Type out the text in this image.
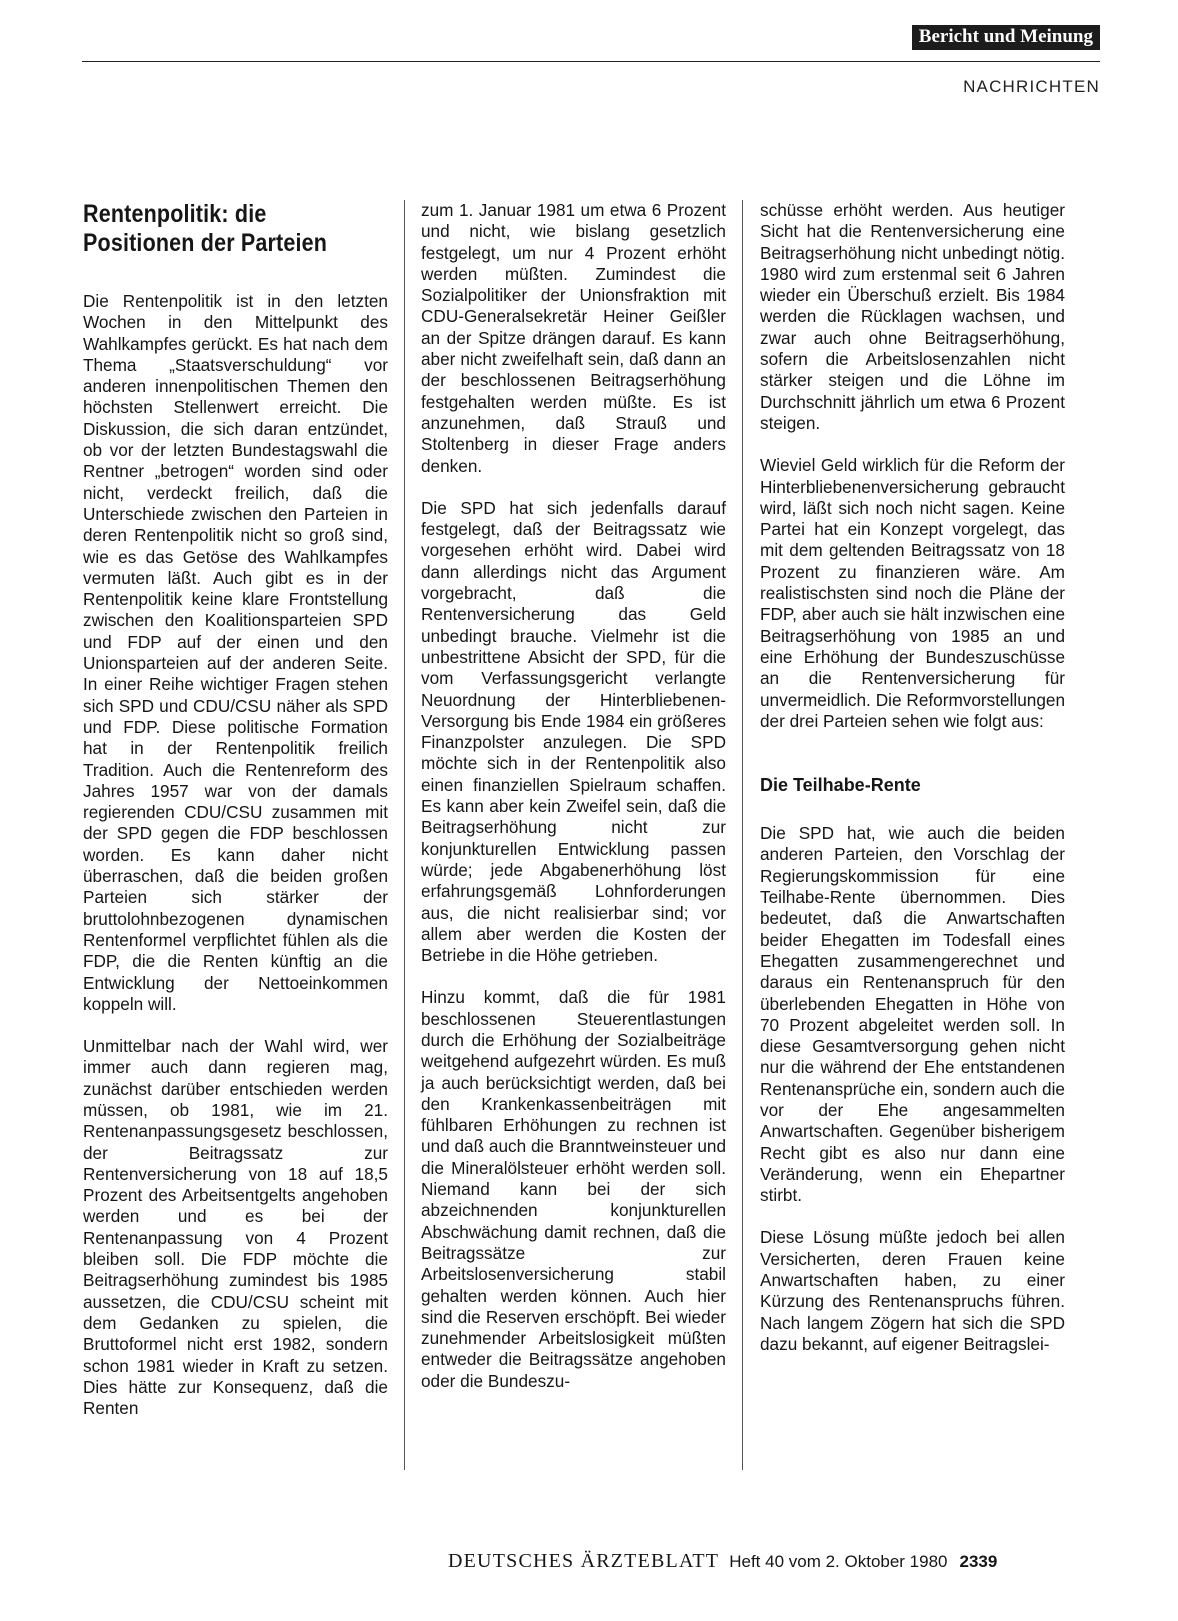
Bericht und Meinung
NACHRICHTEN
Rentenpolitik: die Positionen der Parteien

Die Rentenpolitik ist in den letzten Wochen in den Mittelpunkt des Wahlkampfes gerückt. Es hat nach dem Thema „Staatsverschuldung“ vor anderen innenpolitischen Themen den höchsten Stellenwert erreicht. Die Diskussion, die sich daran entzündet, ob vor der letzten Bundestagswahl die Rentner „betrogen“ worden sind oder nicht, verdeckt freilich, daß die Unterschiede zwischen den Parteien in deren Rentenpolitik nicht so groß sind, wie es das Getöse des Wahlkampfes vermuten läßt. Auch gibt es in der Rentenpolitik keine klare Frontstellung zwischen den Koalitionsparteien SPD und FDP auf der einen und den Unionsparteien auf der anderen Seite. In einer Reihe wichtiger Fragen stehen sich SPD und CDU/CSU näher als SPD und FDP. Diese politische Formation hat in der Rentenpolitik freilich Tradition. Auch die Rentenreform des Jahres 1957 war von der damals regierenden CDU/CSU zusammen mit der SPD gegen die FDP beschlossen worden. Es kann daher nicht überraschen, daß die beiden großen Parteien sich stärker der bruttolohnbezogenen dynamischen Rentenformel verpflichtet fühlen als die FDP, die die Renten künftig an die Entwicklung der Nettoeinkommen koppeln will.

Unmittelbar nach der Wahl wird, wer immer auch dann regieren mag, zunächst darüber entschieden werden müssen, ob 1981, wie im 21. Rentenanpassungsgesetz beschlossen, der Beitragssatz zur Rentenversicherung von 18 auf 18,5 Prozent des Arbeitsentgelts angehoben werden und es bei der Rentenanpassung von 4 Prozent bleiben soll. Die FDP möchte die Beitragserhöhung zumindest bis 1985 aussetzen, die CDU/CSU scheint mit dem Gedanken zu spielen, die Bruttoformel nicht erst 1982, sondern schon 1981 wieder in Kraft zu setzen. Dies hätte zur Konsequenz, daß die Renten

zum 1. Januar 1981 um etwa 6 Prozent und nicht, wie bislang gesetzlich festgelegt, um nur 4 Prozent erhöht werden müßten. Zumindest die Sozialpolitiker der Unionsfraktion mit CDU-Generalsekretär Heiner Geißler an der Spitze drängen darauf. Es kann aber nicht zweifelhaft sein, daß dann an der beschlossenen Beitragserhöhung festgehalten werden müßte. Es ist anzunehmen, daß Strauß und Stoltenberg in dieser Frage anders denken.

Die SPD hat sich jedenfalls darauf festgelegt, daß der Beitragssatz wie vorgesehen erhöht wird. Dabei wird dann allerdings nicht das Argument vorgebracht, daß die Rentenversicherung das Geld unbedingt brauche. Vielmehr ist die unbestrittene Absicht der SPD, für die vom Verfassungsgericht verlangte Neuordnung der Hinterbliebenen-Versorgung bis Ende 1984 ein größeres Finanzpolster anzulegen. Die SPD möchte sich in der Rentenpolitik also einen finanziellen Spielraum schaffen. Es kann aber kein Zweifel sein, daß die Beitragserhöhung nicht zur konjunkturellen Entwicklung passen würde; jede Abgabenerhöhung löst erfahrungsgemäß Lohnforderungen aus, die nicht realisierbar sind; vor allem aber werden die Kosten der Betriebe in die Höhe getrieben.

Hinzu kommt, daß die für 1981 beschlossenen Steuerentlastungen durch die Erhöhung der Sozialbeiträge weitgehend aufgezehrt würden. Es muß ja auch berücksichtigt werden, daß bei den Krankenkassenbeiträgen mit fühlbaren Erhöhungen zu rechnen ist und daß auch die Branntweinsteuer und die Mineralölsteuer erhöht werden soll. Niemand kann bei der sich abzeichnenden konjunkturellen Abschwächung damit rechnen, daß die Beitragssätze zur Arbeitslosenversicherung stabil gehalten werden können. Auch hier sind die Reserven erschöpft. Bei wieder zunehmender Arbeitslosigkeit müßten entweder die Beitragssätze angehoben oder die Bundeszu-

schüsse erhöht werden. Aus heutiger Sicht hat die Rentenversicherung eine Beitragserhöhung nicht unbedingt nötig. 1980 wird zum erstenmal seit 6 Jahren wieder ein Überschuß erzielt. Bis 1984 werden die Rücklagen wachsen, und zwar auch ohne Beitragserhöhung, sofern die Arbeitslosenzahlen nicht stärker steigen und die Löhne im Durchschnitt jährlich um etwa 6 Prozent steigen.

Wieviel Geld wirklich für die Reform der Hinterbliebenenversicherung gebraucht wird, läßt sich noch nicht sagen. Keine Partei hat ein Konzept vorgelegt, das mit dem geltenden Beitragssatz von 18 Prozent zu finanzieren wäre. Am realistischsten sind noch die Pläne der FDP, aber auch sie hält inzwischen eine Beitragserhöhung von 1985 an und eine Erhöhung der Bundeszuschüsse an die Rentenversicherung für unvermeidlich. Die Reformvorstellungen der drei Parteien sehen wie folgt aus:

Die Teilhabe-Rente

Die SPD hat, wie auch die beiden anderen Parteien, den Vorschlag der Regierungskommission für eine Teilhabe-Rente übernommen. Dies bedeutet, daß die Anwartschaften beider Ehegatten im Todesfall eines Ehegatten zusammengerechnet und daraus ein Rentenanspruch für den überlebenden Ehegatten in Höhe von 70 Prozent abgeleitet werden soll. In diese Gesamtversorgung gehen nicht nur die während der Ehe entstandenen Rentenansprüche ein, sondern auch die vor der Ehe angesammelten Anwartschaften. Gegenüber bisherigem Recht gibt es also nur dann eine Veränderung, wenn ein Ehepartner stirbt.

Diese Lösung müßte jedoch bei allen Versicherten, deren Frauen keine Anwartschaften haben, zu einer Kürzung des Rentenanspruchs führen. Nach langem Zögern hat sich die SPD dazu bekannt, auf eigener Beitragslei-

DEUTSCHES ÄRZTEBLATT Heft 40 vom 2. Oktober 1980 2339
